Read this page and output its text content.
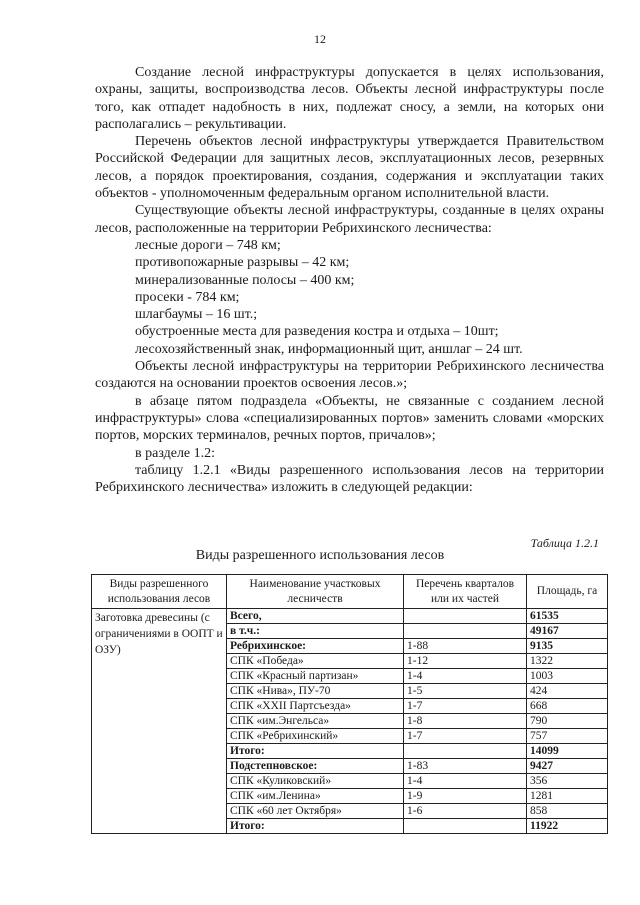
12

Создание лесной инфраструктуры допускается в целях использования, охраны, защиты, воспроизводства лесов. Объекты лесной инфраструктуры после того, как отпадет надобность в них, подлежат сносу, а земли, на которых они располагались – рекультивации.

Перечень объектов лесной инфраструктуры утверждается Правительством Российской Федерации для защитных лесов, эксплуатационных лесов, резервных лесов, а порядок проектирования, создания, содержания и эксплуатации таких объектов - уполномоченным федеральным органом исполнительной власти.

Существующие объекты лесной инфраструктуры, созданные в целях охраны лесов, расположенные на территории Ребрихинского лесничества:

лесные дороги – 748 км;

противопожарные разрывы – 42 км;

минерализованные полосы – 400 км;

просеки - 784 км;

шлагбаумы – 16 шт.;

обустроенные места для разведения костра и отдыха – 10шт;

лесохозяйственный знак, информационный щит, аншлаг – 24 шт.

Объекты лесной инфраструктуры на территории Ребрихинского лесничества создаются на основании проектов освоения лесов.»;

в абзаце пятом подраздела «Объекты, не связанные с созданием лесной инфраструктуры» слова «специализированных портов» заменить словами «морских портов, морских терминалов, речных портов, причалов»;

в разделе 1.2:

таблицу 1.2.1 «Виды разрешенного использования лесов на территории Ребрихинского лесничества» изложить в следующей редакции:

Таблица 1.2.1
Виды разрешенного использования лесов
Виды разрешенного использования лесов	Наименование участковых лесничеств	Перечень кварталов или их частей	Площадь, га
Заготовка древесины (с ограничениями в ООПТ и ОЗУ)	Всего,		61535
	в т.ч.:		49167
	Ребрихинское:	1-88	9135
	СПК «Победа»	1-12	1322
	СПК «Красный партизан»	1-4	1003
	СПК «Нива», ПУ-70	1-5	424
	СПК «XXII Партсъезда»	1-7	668
	СПК «им.Энгельса»	1-8	790
	СПК «Ребрихинский»	1-7	757
	Итого:		14099
	Подстепновское:	1-83	9427
	СПК «Куликовский»	1-4	356
	СПК «им.Ленина»	1-9	1281
	СПК «60 лет Октября»	1-6	858
	Итого:		11922
